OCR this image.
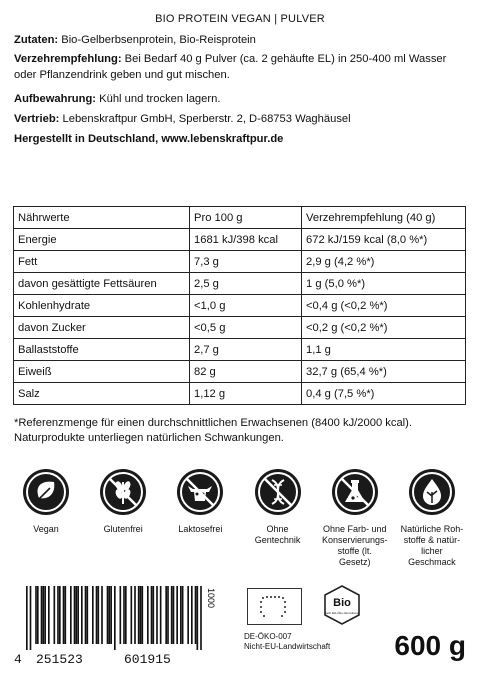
BIO PROTEIN VEGAN | PULVER
Zutaten: Bio-Gelberbsenprotein, Bio-Reisprotein
Verzehrempfehlung: Bei Bedarf 40 g Pulver (ca. 2 gehäufte EL) in 250-400 ml Wasser oder Pflanzendrink geben und gut mischen.
Aufbewahrung: Kühl und trocken lagern.
Vertrieb: Lebenskraftpur GmbH, Sperberstr. 2, D-68753 Waghäusel
Hergestellt in Deutschland, www.lebenskraftpur.de
Nährwerte	Pro 100 g	Verzehrempfehlung (40 g)
Energie	1681 kJ/398 kcal	672 kJ/159 kcal (8,0 %*)
Fett	7,3 g	2,9 g (4,2 %*)
davon gesättigte Fettsäuren	2,5 g	1 g (5,0 %*)
Kohlenhydrate	<1,0 g	<0,4 g (<0,2 %*)
davon Zucker	<0,5 g	<0,2 g (<0,2 %*)
Ballaststoffe	2,7 g	1,1 g
Eiweiß	82 g	32,7 g (65,4 %*)
Salz	1,12 g	0,4 g (7,5 %*)
*Referenzmenge für einen durchschnittlichen Erwachsenen (8400 kJ/2000 kcal).
Naturprodukte unterliegen natürlichen Schwankungen.
Vegan	Glutenfrei	Laktosefrei	Ohne Gentechnik
Ohne Farb- und Konservierungs-stoffe (lt. Gesetz)
Natürliche Roh-stoffe & natür-licher Geschmack
4 251523	601915
1000	Bio
nach EG-Öko-Verordnung
DE-ÖKO-007
Nicht-EU-Landwirtschaft 600 g
